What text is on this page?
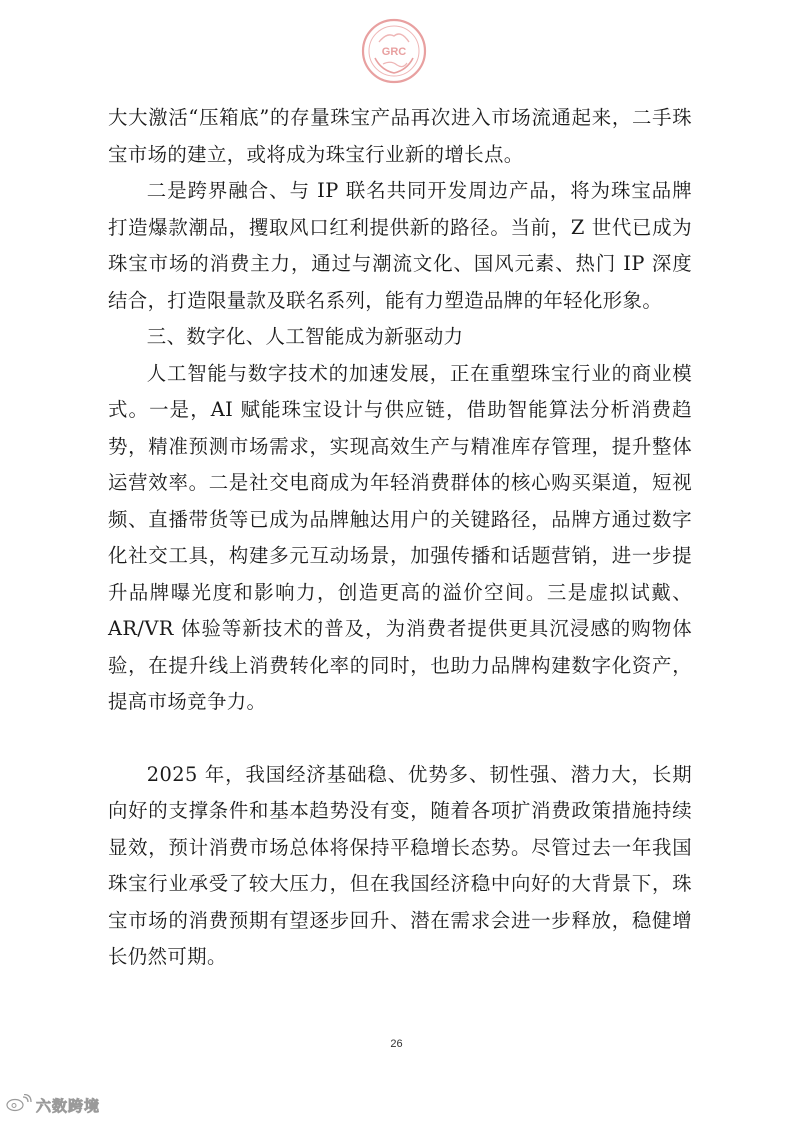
GRC

大大激活“压箱底”的存量珠宝产品再次进入市场流通起来，二手珠宝市场的建立，或将成为珠宝行业新的增长点。

二是跨界融合、与 IP 联名共同开发周边产品，将为珠宝品牌打造爆款潮品，攫取风口红利提供新的路径。当前，Z 世代已成为珠宝市场的消费主力，通过与潮流文化、国风元素、热门 IP 深度结合，打造限量款及联名系列，能有力塑造品牌的年轻化形象。

三、数字化、人工智能成为新驱动力

人工智能与数字技术的加速发展，正在重塑珠宝行业的商业模式。一是，AI 赋能珠宝设计与供应链，借助智能算法分析消费趋势，精准预测市场需求，实现高效生产与精准库存管理，提升整体运营效率。二是社交电商成为年轻消费群体的核心购买渠道，短视频、直播带货等已成为品牌触达用户的关键路径，品牌方通过数字化社交工具，构建多元互动场景，加强传播和话题营销，进一步提升品牌曝光度和影响力，创造更高的溢价空间。三是虚拟试戴、AR/VR 体验等新技术的普及，为消费者提供更具沉浸感的购物体验，在提升线上消费转化率的同时，也助力品牌构建数字化资产，提高市场竞争力。

2025 年，我国经济基础稳、优势多、韧性强、潜力大，长期向好的支撑条件和基本趋势没有变，随着各项扩消费政策措施持续显效，预计消费市场总体将保持平稳增长态势。尽管过去一年我国珠宝行业承受了较大压力，但在我国经济稳中向好的大背景下，珠宝市场的消费预期有望逐步回升、潜在需求会进一步释放，稳健增长仍然可期。

26
六数跨境
